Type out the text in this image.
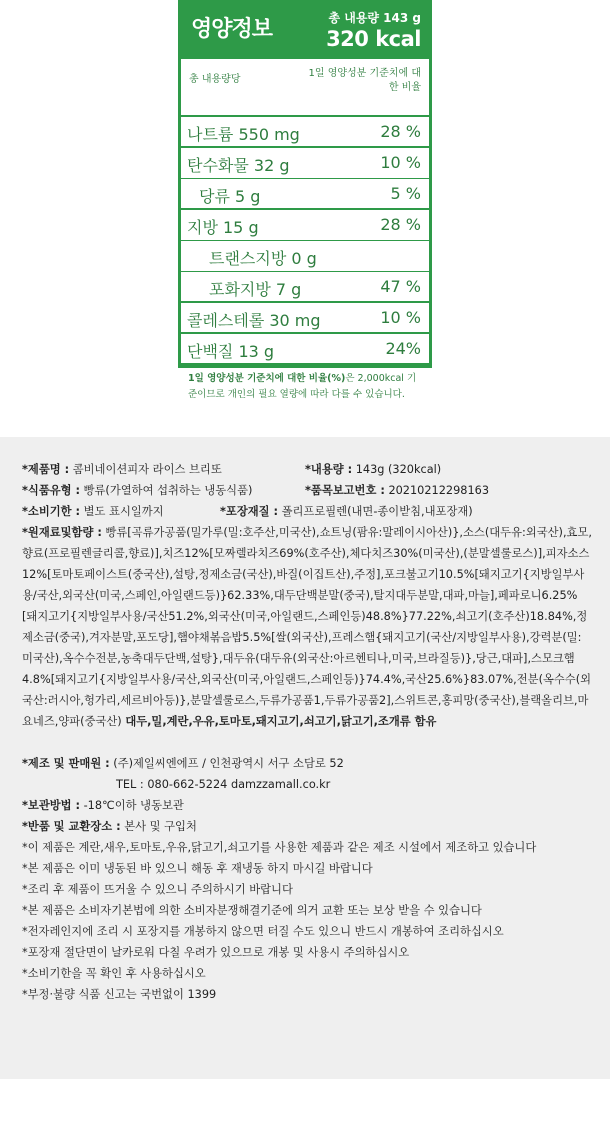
영양정보	총 내용량 143 g
320 kcal
총 내용량당
1일 영양성분 기준치에 대한 비율
나트륨 550 mg	28 %
탄수화물 32 g	10 %
당류 5 g	5 %
지방 15 g	28 %
트랜스지방 0 g
포화지방 7 g	47 %
콜레스테롤 30 mg	10 %
단백질 13 g	24%
1일 영양성분 기준치에 대한 비율(%)은 2,000kcal 기준이므로 개인의 필요 열량에 따라 다를 수 있습니다.
*제품명 : 콤비네이션피자 라이스 브리또	*내용량 : 143g (320kcal)
*식품유형 : 빵류(가열하여 섭취하는 냉동식품)	*품목보고번호 : 20210212298163
*소비기한 : 별도 표시일까지	*포장재질 : 폴리프로필렌(내면-종이받침,내포장재)
*원재료및함량 : 빵류[곡류가공품(밀가루(밀:호주산,미국산),쇼트닝(팜유:말레이시아산)},소스(대두유:외국산),효모,향료(프로필렌글리콜,향료)],치즈12%[모짜렐라치즈69%(호주산),체다치즈30%(미국산),(분말셀룰로스)],피자소스12%[토마토페이스트(중국산),설탕,정제소금(국산),바질(이집트산),주정],포크불고기10.5%[돼지고기{지방일부사용/국산,외국산(미국,스페인,아일랜드등)}62.33%,대두단백분말(중국),탈지대두분말,대파,마늘],페파로니6.25%[돼지고기{지방일부사용/국산51.2%,외국산(미국,아일랜드,스페인등)48.8%}77.22%,쇠고기(호주산)18.84%,정제소금(중국),겨자분말,포도당],햄야채볶음밥5.5%[쌀(외국산),프레스햄{돼지고기(국산/지방일부사용),강력분(밀:미국산),옥수수전분,농축대두단백,설탕},대두유(대두유(외국산:아르헨티나,미국,브라질등)},당근,대파],스모크햄4.8%[돼지고기{지방일부사용/국산,외국산(미국,아일랜드,스페인등)}74.4%,국산25.6%}83.07%,전분(옥수수(외국산:러시아,헝가리,세르비아등)},분말셀룰로스,두류가공품1,두류가공품2],스위트콘,홍피망(중국산),블랙올리브,마요네즈,양파(중국산) 대두,밀,계란,우유,토마토,돼지고기,쇠고기,닭고기,조개류 함유
*제조 및 판매원 : (주)제일씨엔에프 / 인천광역시 서구 소담로 52
TEL : 080-662-5224 damzzamall.co.kr
*보관방법 : -18℃이하 냉동보관
*반품 및 교환장소 : 본사 및 구입처
*이 제품은 계란,새우,토마토,우유,닭고기,쇠고기를 사용한 제품과 같은 제조 시설에서 제조하고 있습니다
*본 제품은 이미 냉동된 바 있으니 해동 후 재냉동 하지 마시길 바랍니다
*조리 후 제품이 뜨거울 수 있으니 주의하시기 바랍니다
*본 제품은 소비자기본법에 의한 소비자분쟁해결기준에 의거 교환 또는 보상 받을 수 있습니다
*전자레인지에 조리 시 포장지를 개봉하지 않으면 터질 수도 있으니 반드시 개봉하여 조리하십시오
*포장재 절단면이 날카로워 다칠 우려가 있으므로 개봉 및 사용시 주의하십시오
*소비기한을 꼭 확인 후 사용하십시오
*부정·불량 식품 신고는 국번없이 1399
